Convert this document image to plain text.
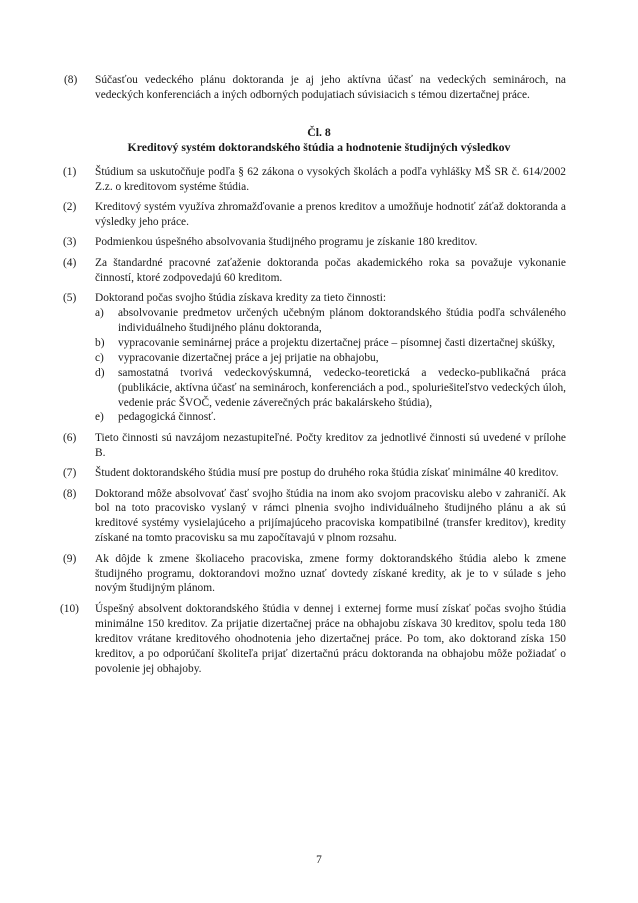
(8) Súčasťou vedeckého plánu doktoranda je aj jeho aktívna účasť na vedeckých seminároch, na vedeckých konferenciách a iných odborných podujatiach súvisiacich s témou dizertačnej práce.

Čl. 8
Kreditový systém doktorandského štúdia a hodnotenie študijných výsledkov

(1) Štúdium sa uskutočňuje podľa § 62 zákona o vysokých školách a podľa vyhlášky MŠ SR č. 614/2002 Z.z. o kreditovom systéme štúdia.

(2) Kreditový systém využíva zhromažďovanie a prenos kreditov a umožňuje hodnotiť záťaž doktoranda a výsledky jeho práce.

(3) Podmienkou úspešného absolvovania študijného programu je získanie 180 kreditov.

(4) Za štandardné pracovné zaťaženie doktoranda počas akademického roka sa považuje vykonanie činností, ktoré zodpovedajú 60 kreditom.

(5) Doktorand počas svojho štúdia získava kredity za tieto činnosti:
a) absolvovanie predmetov určených učebným plánom doktorandského štúdia podľa schváleného individuálneho študijného plánu doktoranda,
b) vypracovanie seminárnej práce a projektu dizertačnej práce – písomnej časti dizertačnej skúšky,
c) vypracovanie dizertačnej práce a jej prijatie na obhajobu,
d) samostatná tvorivá vedeckovýskumná, vedecko-teoretická a vedecko-publikačná práca (publikácie, aktívna účasť na seminároch, konferenciách a pod., spoluriešiteľstvo vedeckých úloh, vedenie prác ŠVOČ, vedenie záverečných prác bakalárskeho štúdia),
e) pedagogická činnosť.

(6) Tieto činnosti sú navzájom nezastupiteľné. Počty kreditov za jednotlivé činnosti sú uvedené v prílohe B.

(7) Študent doktorandského štúdia musí pre postup do druhého roka štúdia získať minimálne 40 kreditov.

(8) Doktorand môže absolvovať časť svojho štúdia na inom ako svojom pracovisku alebo v zahraničí. Ak bol na toto pracovisko vyslaný v rámci plnenia svojho individuálneho študijného plánu a ak sú kreditové systémy vysielajúceho a prijímajúceho pracoviska kompatibilné (transfer kreditov), kredity získané na tomto pracovisku sa mu započítavajú v plnom rozsahu.

(9) Ak dôjde k zmene školiaceho pracoviska, zmene formy doktorandského štúdia alebo k zmene študijného programu, doktorandovi možno uznať dovtedy získané kredity, ak je to v súlade s jeho novým študijným plánom.

(10) Úspešný absolvent doktorandského štúdia v dennej i externej forme musí získať počas svojho štúdia minimálne 150 kreditov. Za prijatie dizertačnej práce na obhajobu získava 30 kreditov, spolu teda 180 kreditov vrátane kreditového ohodnotenia jeho dizertačnej práce. Po tom, ako doktorand získa 150 kreditov, a po odporúčaní školiteľa prijať dizertačnú prácu doktoranda na obhajobu môže požiadať o povolenie jej obhajoby.

7
